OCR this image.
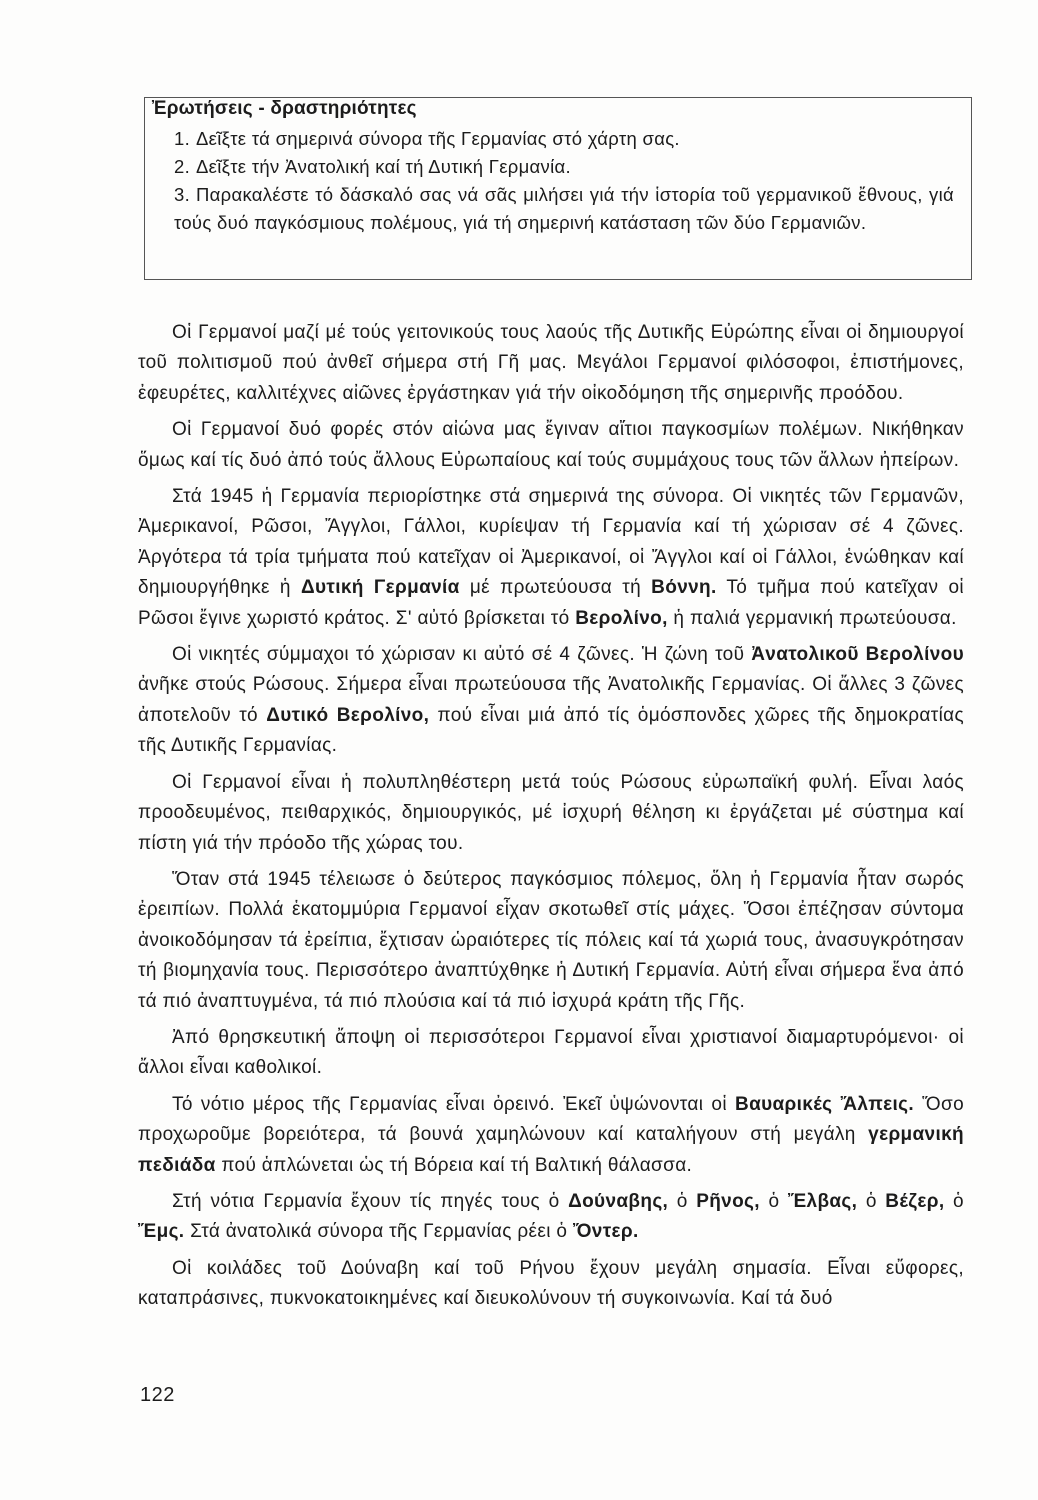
Ἐρωτήσεις - δραστηριότητες

1. Δεῖξτε τά σημερινά σύνορα τῆς Γερμανίας στό χάρτη σας.

2. Δεῖξτε τήν Ἀνατολική καί τή Δυτική Γερμανία.

3. Παρακαλέστε τό δάσκαλό σας νά σᾶς μιλήσει γιά τήν ἱστορία τοῦ γερμανικοῦ ἔθνους, γιά τούς δυό παγκόσμιους πολέμους, γιά τή σημερινή κατάσταση τῶν δύο Γερμανιῶν.

Οἱ Γερμανοί μαζί μέ τούς γειτονικούς τους λαούς τῆς Δυτικῆς Εὐρώπης εἶναι οἱ δημιουργοί τοῦ πολιτισμοῦ πού ἀνθεῖ σήμερα στή Γῆ μας. Μεγάλοι Γερμανοί φιλόσοφοι, ἐπιστήμονες, ἐφευρέτες, καλλιτέχνες αἰῶνες ἐργάστηκαν γιά τήν οἰκοδόμηση τῆς σημερινῆς προόδου.

Οἱ Γερμανοί δυό φορές στόν αἰώνα μας ἔγιναν αἴτιοι παγκοσμίων πολέμων. Νικήθηκαν ὅμως καί τίς δυό ἀπό τούς ἄλλους Εὐρωπαίους καί τούς συμμάχους τους τῶν ἄλλων ἠπείρων.

Στά 1945 ἡ Γερμανία περιορίστηκε στά σημερινά της σύνορα. Οἱ νικητές τῶν Γερμανῶν, Ἀμερικανοί, Ρῶσοι, Ἄγγλοι, Γάλλοι, κυρίεψαν τή Γερμανία καί τή χώρισαν σέ 4 ζῶνες. Ἀργότερα τά τρία τμήματα πού κατεῖχαν οἱ Ἀμερικανοί, οἱ Ἄγγλοι καί οἱ Γάλλοι, ἑνώθηκαν καί δημιουργήθηκε ἡ Δυτική Γερμανία μέ πρωτεύουσα τή Βόννη. Τό τμῆμα πού κατεῖχαν οἱ Ρῶσοι ἔγινε χωριστό κράτος. Σ' αὐτό βρίσκεται τό Βερολίνο, ἡ παλιά γερμανική πρωτεύουσα.

Οἱ νικητές σύμμαχοι τό χώρισαν κι αὐτό σέ 4 ζῶνες. Ἡ ζώνη τοῦ Ἀνατολικοῦ Βερολίνου ἀνῆκε στούς Ρώσους. Σήμερα εἶναι πρωτεύουσα τῆς Ἀνατολικῆς Γερμανίας. Οἱ ἄλλες 3 ζῶνες ἀποτελοῦν τό Δυτικό Βερολίνο, πού εἶναι μιά ἀπό τίς ὁμόσπονδες χῶρες τῆς δημοκρατίας τῆς Δυτικῆς Γερμανίας.

Οἱ Γερμανοί εἶναι ἡ πολυπληθέστερη μετά τούς Ρώσους εὐρωπαϊκή φυλή. Εἶναι λαός προοδευμένος, πειθαρχικός, δημιουργικός, μέ ἰσχυρή θέληση κι ἐργάζεται μέ σύστημα καί πίστη γιά τήν πρόοδο τῆς χώρας του.

Ὅταν στά 1945 τέλειωσε ὁ δεύτερος παγκόσμιος πόλεμος, ὅλη ἡ Γερμανία ἦταν σωρός ἐρειπίων. Πολλά ἑκατομμύρια Γερμανοί εἶχαν σκοτωθεῖ στίς μάχες. Ὅσοι ἐπέζησαν σύντομα ἀνοικοδόμησαν τά ἐρείπια, ἔχτισαν ὡραιότερες τίς πόλεις καί τά χωριά τους, ἀνασυγκρότησαν τή βιομηχανία τους. Περισσότερο ἀναπτύχθηκε ἡ Δυτική Γερμανία. Αὐτή εἶναι σήμερα ἕνα ἀπό τά πιό ἀναπτυγμένα, τά πιό πλούσια καί τά πιό ἰσχυρά κράτη τῆς Γῆς.

Ἀπό θρησκευτική ἄποψη οἱ περισσότεροι Γερμανοί εἶναι χριστιανοί διαμαρτυρόμενοι· οἱ ἄλλοι εἶναι καθολικοί.

Τό νότιο μέρος τῆς Γερμανίας εἶναι ὀρεινό. Ἐκεῖ ὑψώνονται οἱ Βαυαρικές Ἄλπεις. Ὅσο προχωροῦμε βορειότερα, τά βουνά χαμηλώνουν καί καταλήγουν στή μεγάλη γερμανική πεδιάδα πού ἁπλώνεται ὡς τή Βόρεια καί τή Βαλτική θάλασσα.

Στή νότια Γερμανία ἔχουν τίς πηγές τους ὁ Δούναβης, ὁ Ρῆνος, ὁ Ἔλβας, ὁ Βέζερ, ὁ Ἔμς. Στά ἀνατολικά σύνορα τῆς Γερμανίας ρέει ὁ Ὄντερ.

Οἱ κοιλάδες τοῦ Δούναβη καί τοῦ Ρήνου ἔχουν μεγάλη σημασία. Εἶναι εὔφορες, καταπράσινες, πυκνοκατοικημένες καί διευκολύνουν τή συγκοινωνία. Καί τά δυό

122
